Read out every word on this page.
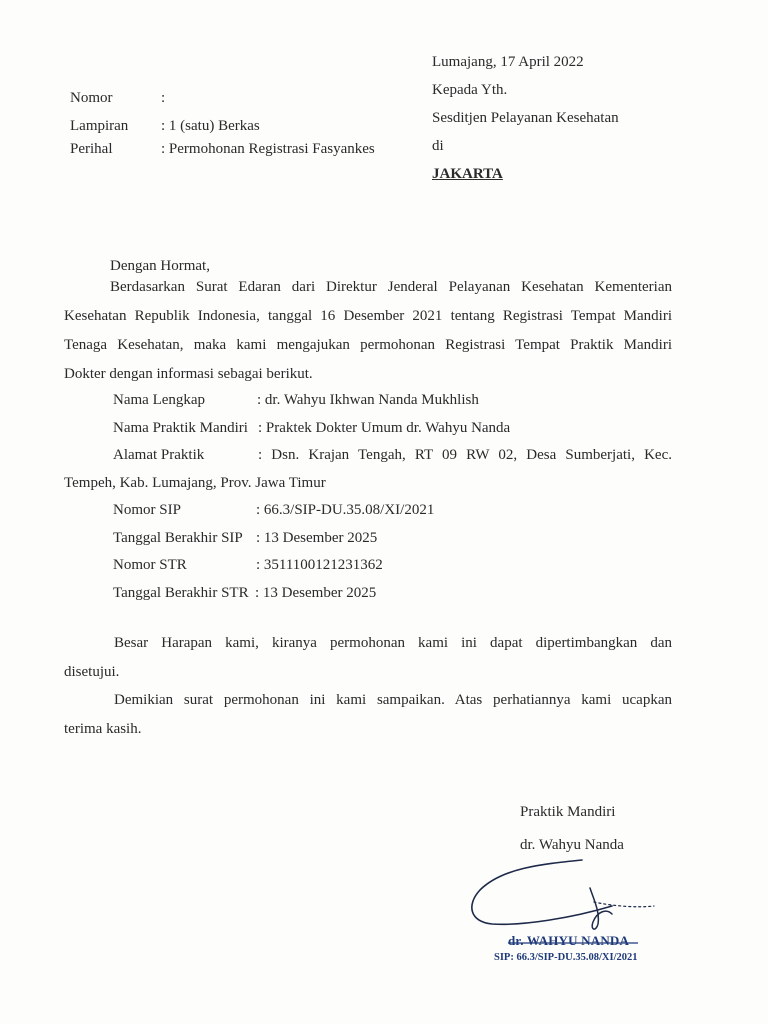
Lumajang, 17 April 2022
Kepada Yth.
Sesditjen Pelayanan Kesehatan
di
JAKARTA
Nomor	:
Lampiran	: 1 (satu) Berkas
Perihal	: Permohonan Registrasi Fasyankes
Dengan Hormat,
Berdasarkan Surat Edaran dari Direktur Jenderal Pelayanan Kesehatan Kementerian
Kesehatan Republik Indonesia, tanggal 16 Desember 2021 tentang Registrasi Tempat Mandiri
Tenaga Kesehatan, maka kami mengajukan permohonan Registrasi Tempat Praktik Mandiri
Dokter dengan informasi sebagai berikut.
Nama Lengkap	: dr. Wahyu Ikhwan Nanda Mukhlish
Nama Praktik Mandiri : Praktek Dokter Umum dr. Wahyu Nanda
Alamat Praktik	: Dsn. Krajan Tengah, RT 09 RW 02, Desa Sumberjati, Kec.
Tempeh, Kab. Lumajang, Prov. Jawa Timur
Nomor SIP	: 66.3/SIP-DU.35.08/XI/2021
Tanggal Berakhir SIP : 13 Desember 2025
Nomor STR	: 3511100121231362
Tanggal Berakhir STR : 13 Desember 2025
Besar Harapan kami, kiranya permohonan kami ini dapat dipertimbangkan dan
disetujui.
Demikian surat permohonan ini kami sampaikan. Atas perhatiannya kami ucapkan
terima kasih.
Praktik Mandiri
dr. Wahyu Nanda
dr. WAHYU NANDA
SIP: 66.3/SIP-DU.35.08/XI/2021
